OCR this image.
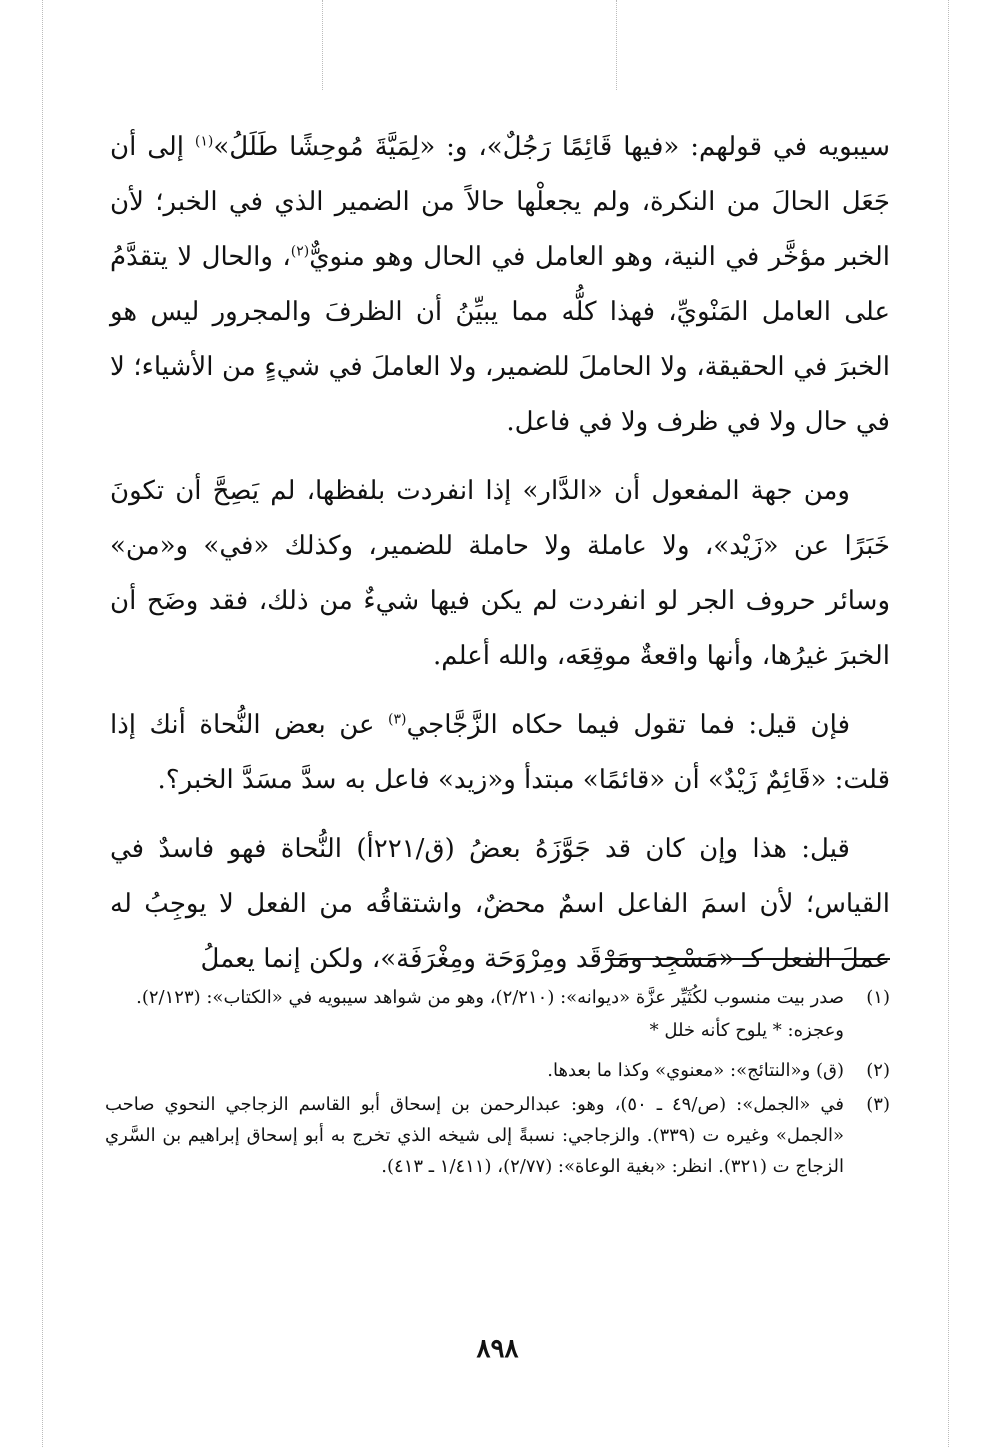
سيبويه في قولهم: «فيها قَائِمًا رَجُلٌ»، و: «لِمَيَّةَ مُوحِشًا طَلَلُ»$^{(١)}$ إلى أن جَعَل الحالَ من النكرة، ولم يجعلْها حالاً من الضمير الذي في الخبر؛ لأن الخبر مؤخَّر في النية، وهو العامل في الحال وهو منويٌّ$^{(٢)}$، والحال لا يتقدَّمُ على العامل المَنْويِّ، فهذا كلُّه مما يبيِّنُ أن الظرفَ والمجرور ليس هو الخبرَ في الحقيقة، ولا الحاملَ للضمير، ولا العاملَ في شيءٍ من الأشياء؛ لا في حال ولا في ظرف ولا في فاعل.

ومن جهة المفعول أن «الدَّار» إذا انفردت بلفظها، لم يَصِحَّ أن تكونَ خَبَرًا عن «زَيْد»، ولا عاملة ولا حاملة للضمير، وكذلك «في» و«من» وسائر حروف الجر لو انفردت لم يكن فيها شيءٌ من ذلك، فقد وضَح أن الخبرَ غيرُها، وأنها واقعةٌ موقِعَه، والله أعلم.

فإن قيل: فما تقول فيما حكاه الزَّجَّاجي$^{(٣)}$ عن بعض النُّحاة أنك إذا قلت: «قَائِمٌ زَيْدٌ» أن «قائمًا» مبتدأ و«زيد» فاعل به سدَّ مسَدَّ الخبر؟.

قيل: هذا وإن كان قد جَوَّزَهُ بعضُ (ق/٢٢١أ) النُّحاة فهو فاسدٌ في القياس؛ لأن اسمَ الفاعل اسمٌ محضٌ، واشتقاقُه من الفعل لا يوجِبُ له عملَ الفعل كـ «مَسْجِد ومَرْقَد ومِرْوَحَة ومِغْرَفَة»، ولكن إنما يعملُ

(١)
صدر بيت منسوب لكُثَيِّر عزَّة «ديوانه»: (٢/٢١٠)، وهو من شواهد سيبويه في «الكتاب»: (٢/١٢٣).
وعجزه: * يلوح كأنه خلل *
(٢)
(ق) و«النتائج»: «معنوي» وكذا ما بعدها.
(٣)
في «الجمل»: (ص/٤٩ ـ ٥٠)، وهو: عبدالرحمن بن إسحاق أبو القاسم الزجاجي النحوي صاحب «الجمل» وغيره ت (٣٣٩). والزجاجي: نسبةً إلى شيخه الذي تخرج به أبو إسحاق إبراهيم بن السَّري الزجاج ت (٣٢١). انظر: «بغية الوعاة»: (٢/٧٧)، (١/٤١١ ـ ٤١٣).
٨٩٨
